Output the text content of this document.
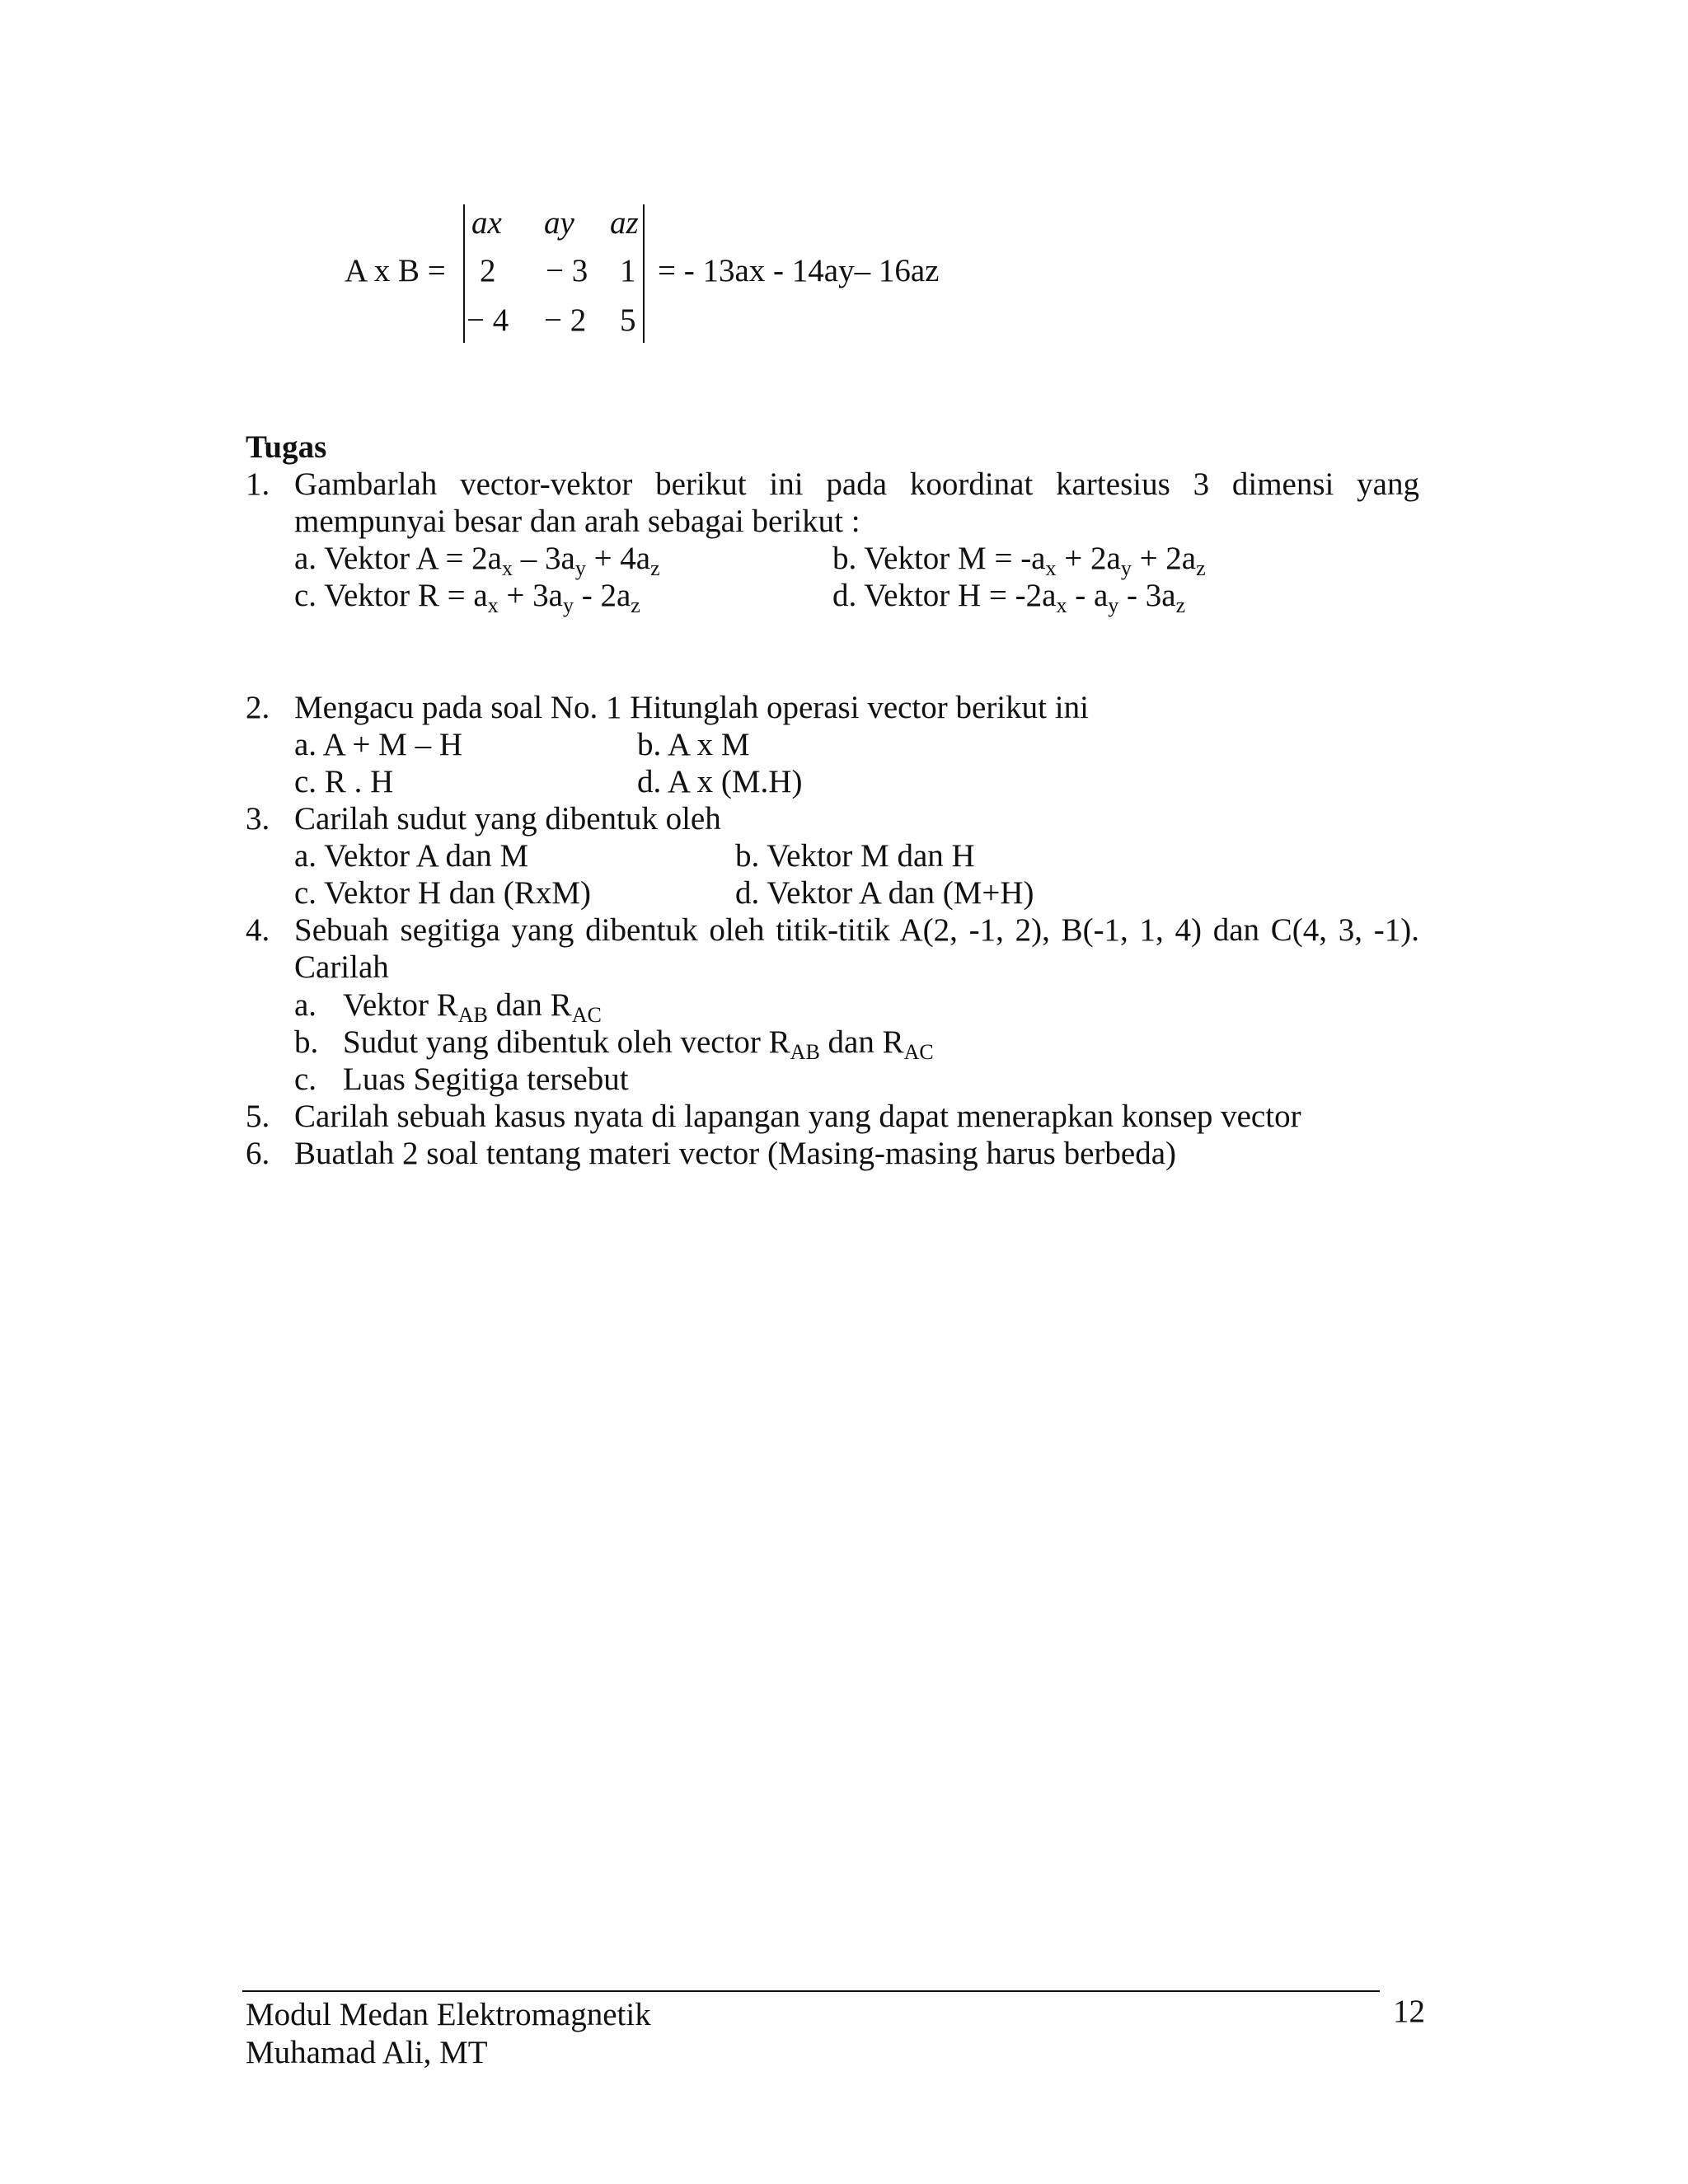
A x B =
ax ay az
2 − 3 1
− 4 − 2 5
= - 13ax - 14ay– 16az
Tugas
1. Gambarlah vector-vektor berikut ini pada koordinat kartesius 3 dimensi yang
mempunyai besar dan arah sebagai berikut :
a. Vektor $A = 2a_x - 3a_y + 4a_z$	b. Vektor $M = -a_x + 2a_y + 2a_z$
c. Vektor $R = a_x + 3a_y - 2a_z$	d. Vektor $H = -2a_x - a_y - 3a_z$
2. Mengacu pada soal No. 1 Hitunglah operasi vector berikut ini
a. A + M – H	b. A x M
c. R . H	d. A x (M.H)
3. Carilah sudut yang dibentuk oleh
a. Vektor A dan M	b. Vektor M dan H
c. Vektor H dan (RxM)	d. Vektor A dan (M+H)
4. Sebuah segitiga yang dibentuk oleh titik-titik A(2, -1, 2), B(-1, 1, 4) dan C(4, 3, -1).
Carilah
a. Vektor $R_{AB}$ dan $R_{AC}$
b. Sudut yang dibentuk oleh vector $R_{AB}$ dan $R_{AC}$
c. Luas Segitiga tersebut
5. Carilah sebuah kasus nyata di lapangan yang dapat menerapkan konsep vector
6. Buatlah 2 soal tentang materi vector (Masing-masing harus berbeda)
Modul Medan Elektromagnetik
Muhamad Ali, MT
12
